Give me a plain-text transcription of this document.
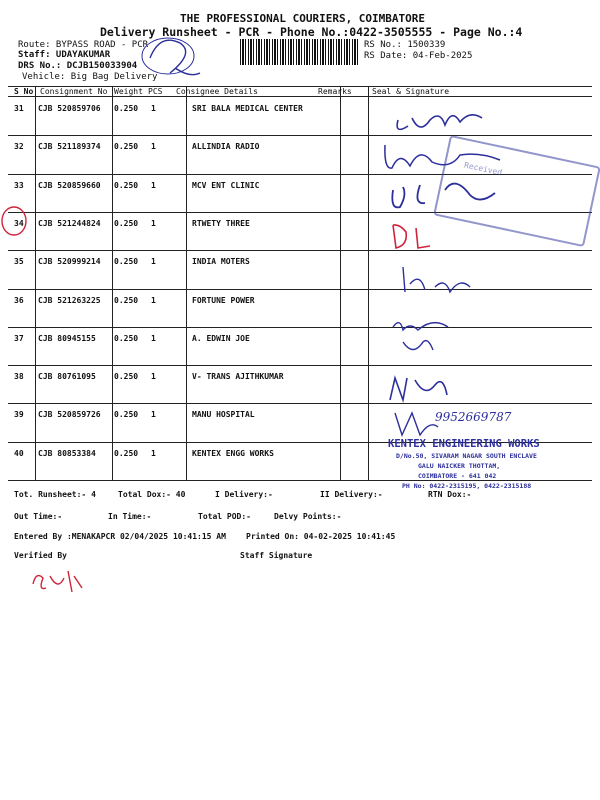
THE PROFESSIONAL COURIERS, COIMBATORE
Delivery Runsheet - PCR - Phone No.:0422-3505555 - Page No.:4
Route: BYPASS ROAD - PCR
Staff: UDAYAKUMAR
DRS No.: DCJB150033904
Vehicle: Big Bag Delivery
RS No.: 1500339
RS Date: 04-Feb-2025
S No Consignment No Weight PCS Consignee Details	Remarks	Seal & Signature
31 CJB 520859706 0.250 1	SRI BALA MEDICAL CENTER
32 CJB 521189374 0.250 1	ALLINDIA RADIO
33 CJB 520859660 0.250 1	MCV ENT CLINIC
34 CJB 521244824 0.250 1	RTWETY THREE
35 CJB 520999214 0.250 1	INDIA MOTERS
36 CJB 521263225 0.250 1	FORTUNE POWER
37 CJB 80945155 0.250 1	A. EDWIN JOE
38 CJB 80761095 0.250 1	V- TRANS AJITHKUMAR
39 CJB 520859726 0.250 1	MANU HOSPITAL
40 CJB 80853384 0.250 1	KENTEX ENGG WORKS
9952669787
Received
KENTEX ENGINEERING WORKS
D/No.50, SIVARAM NAGAR SOUTH ENCLAVE
GALU NAICKER THOTTAM,
COIMBATORE - 641 042
PH No: 0422-2315195, 0422-2315188
Tot. Runsheet:- 4	Total Dox:- 40	I Delivery:-	II Delivery:-	RTN Dox:-
Out Time:-	In Time:-	Total POD:-	Delvy Points:-
Entered By :MENAKAPCR 02/04/2025 10:41:15 AM	Printed On: 04-02-2025 10:41:45
Verified By	Staff Signature
